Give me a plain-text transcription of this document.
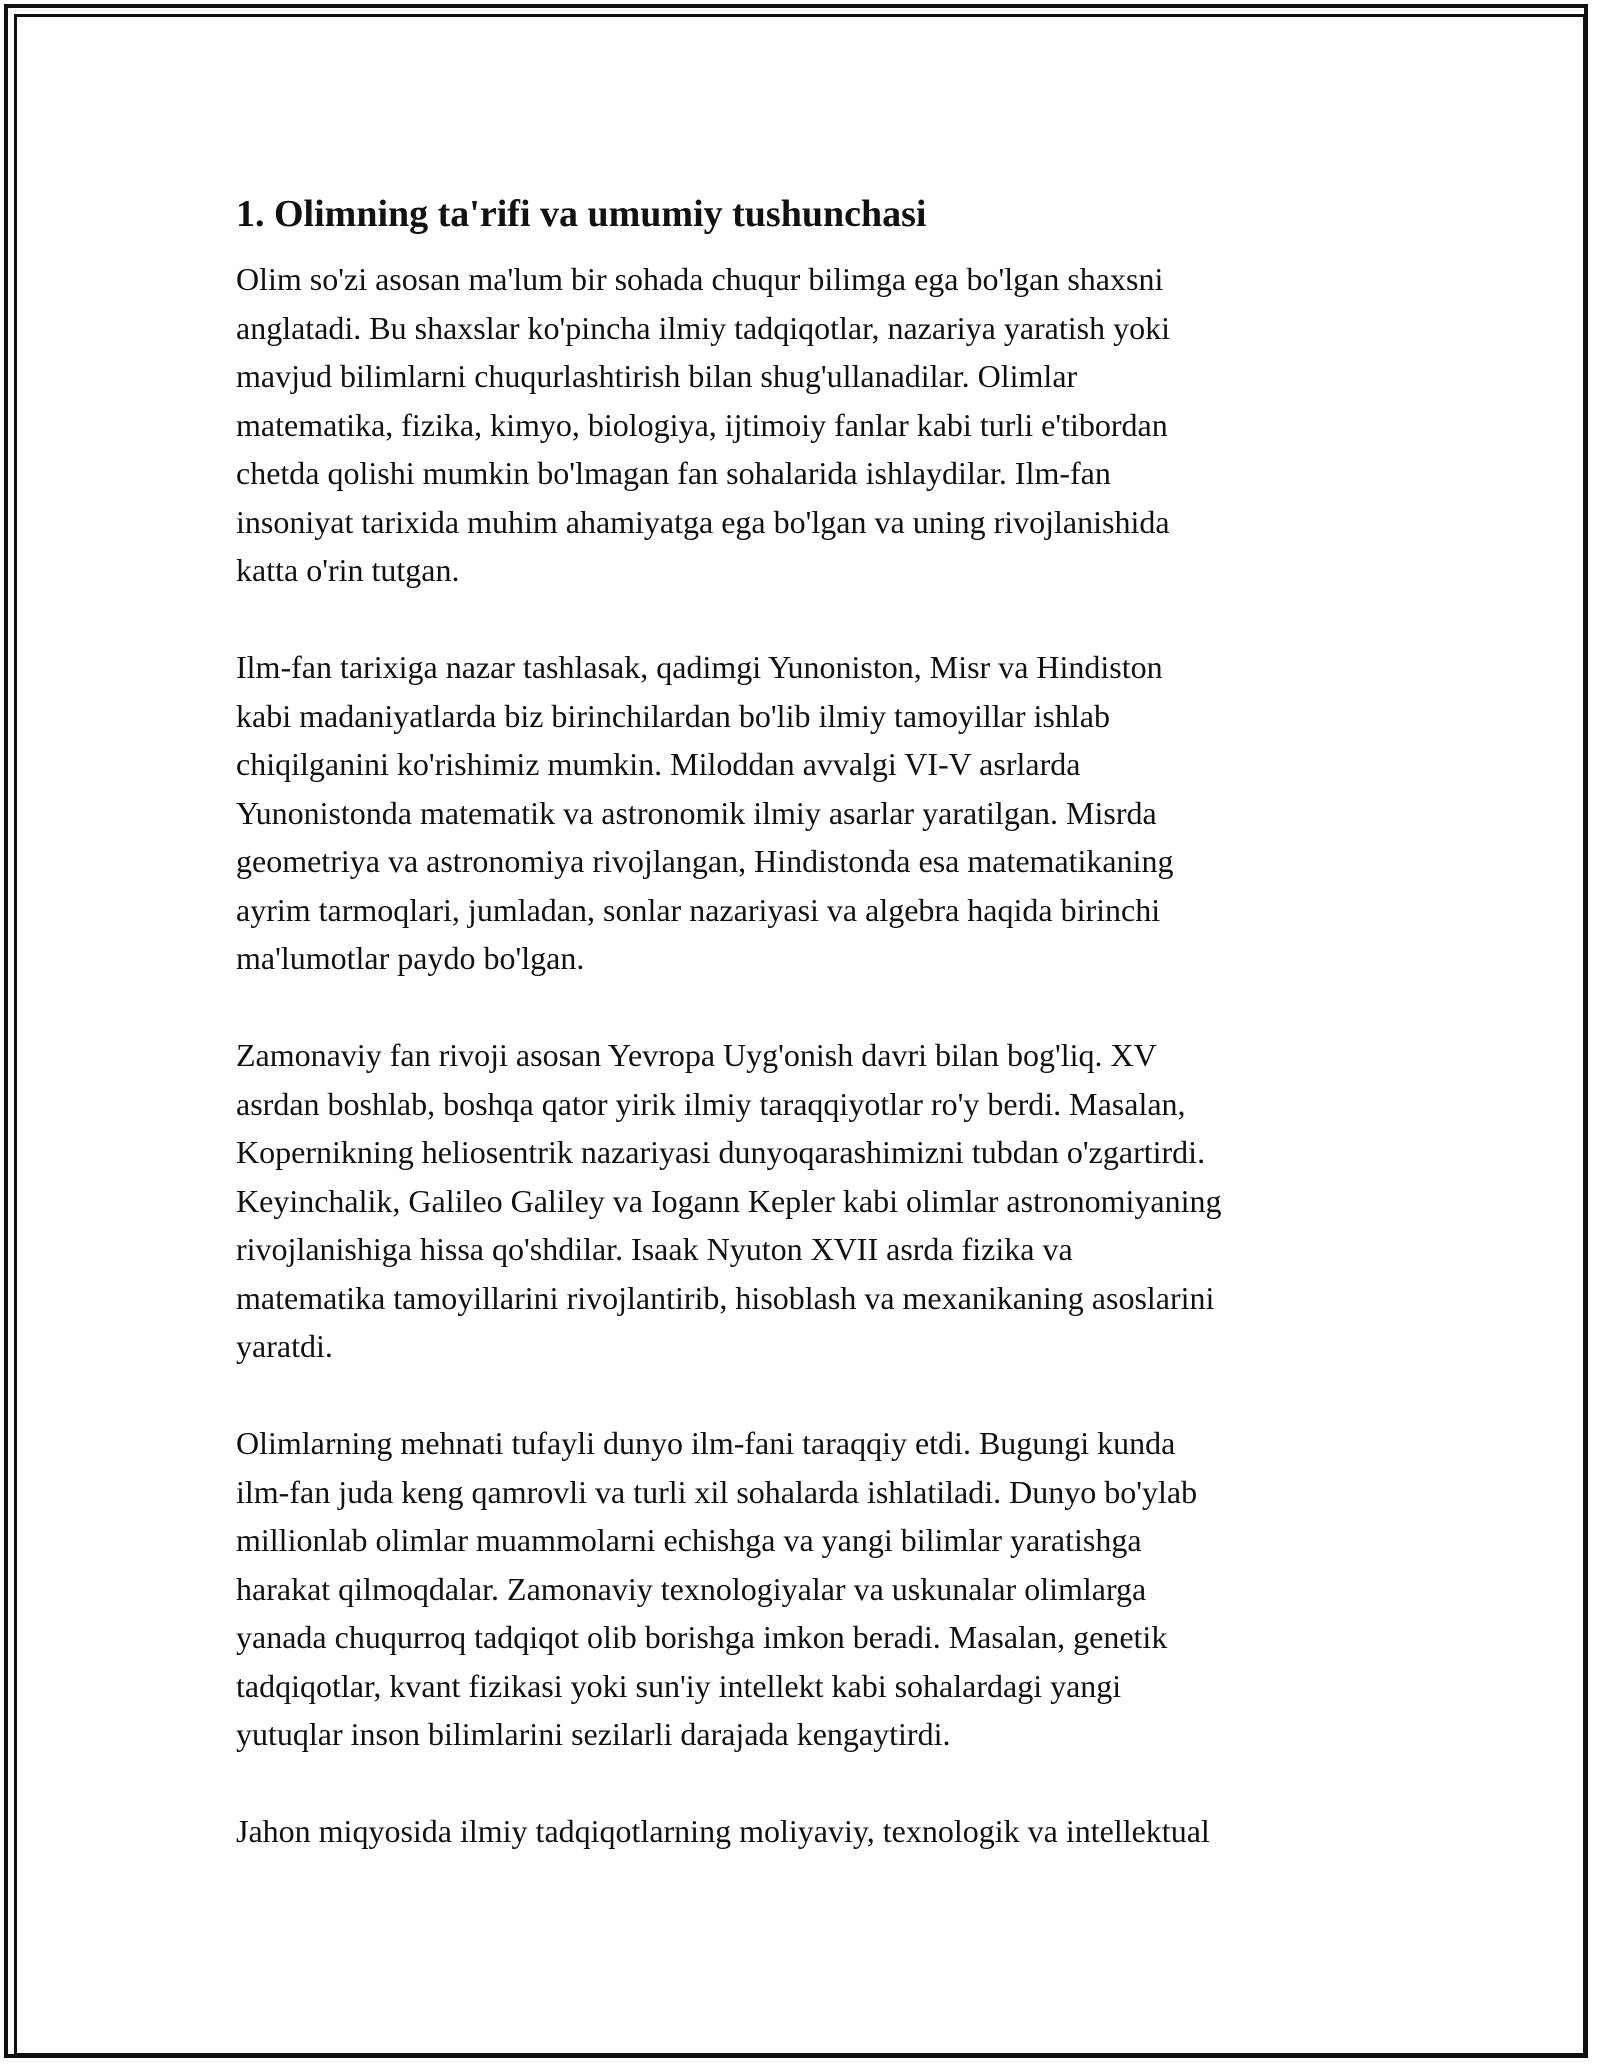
1. Olimning ta'rifi va umumiy tushunchasi

Olim so'zi asosan ma'lum bir sohada chuqur bilimga ega bo'lgan shaxsni
anglatadi. Bu shaxslar ko'pincha ilmiy tadqiqotlar, nazariya yaratish yoki
mavjud bilimlarni chuqurlashtirish bilan shug'ullanadilar. Olimlar
matematika, fizika, kimyo, biologiya, ijtimoiy fanlar kabi turli e'tibordan
chetda qolishi mumkin bo'lmagan fan sohalarida ishlaydilar. Ilm-fan
insoniyat tarixida muhim ahamiyatga ega bo'lgan va uning rivojlanishida
katta o'rin tutgan.

Ilm-fan tarixiga nazar tashlasak, qadimgi Yunoniston, Misr va Hindiston
kabi madaniyatlarda biz birinchilardan bo'lib ilmiy tamoyillar ishlab
chiqilganini ko'rishimiz mumkin. Miloddan avvalgi VI-V asrlarda
Yunonistonda matematik va astronomik ilmiy asarlar yaratilgan. Misrda
geometriya va astronomiya rivojlangan, Hindistonda esa matematikaning
ayrim tarmoqlari, jumladan, sonlar nazariyasi va algebra haqida birinchi
ma'lumotlar paydo bo'lgan.

Zamonaviy fan rivoji asosan Yevropa Uyg'onish davri bilan bog'liq. XV
asrdan boshlab, boshqa qator yirik ilmiy taraqqiyotlar ro'y berdi. Masalan,
Kopernikning heliosentrik nazariyasi dunyoqarashimizni tubdan o'zgartirdi.
Keyinchalik, Galileo Galiley va Iogann Kepler kabi olimlar astronomiyaning
rivojlanishiga hissa qo'shdilar. Isaak Nyuton XVII asrda fizika va
matematika tamoyillarini rivojlantirib, hisoblash va mexanikaning asoslarini
yaratdi.

Olimlarning mehnati tufayli dunyo ilm-fani taraqqiy etdi. Bugungi kunda
ilm-fan juda keng qamrovli va turli xil sohalarda ishlatiladi. Dunyo bo'ylab
millionlab olimlar muammolarni echishga va yangi bilimlar yaratishga
harakat qilmoqdalar. Zamonaviy texnologiyalar va uskunalar olimlarga
yanada chuqurroq tadqiqot olib borishga imkon beradi. Masalan, genetik
tadqiqotlar, kvant fizikasi yoki sun'iy intellekt kabi sohalardagi yangi
yutuqlar inson bilimlarini sezilarli darajada kengaytirdi.

Jahon miqyosida ilmiy tadqiqotlarning moliyaviy, texnologik va intellektual
